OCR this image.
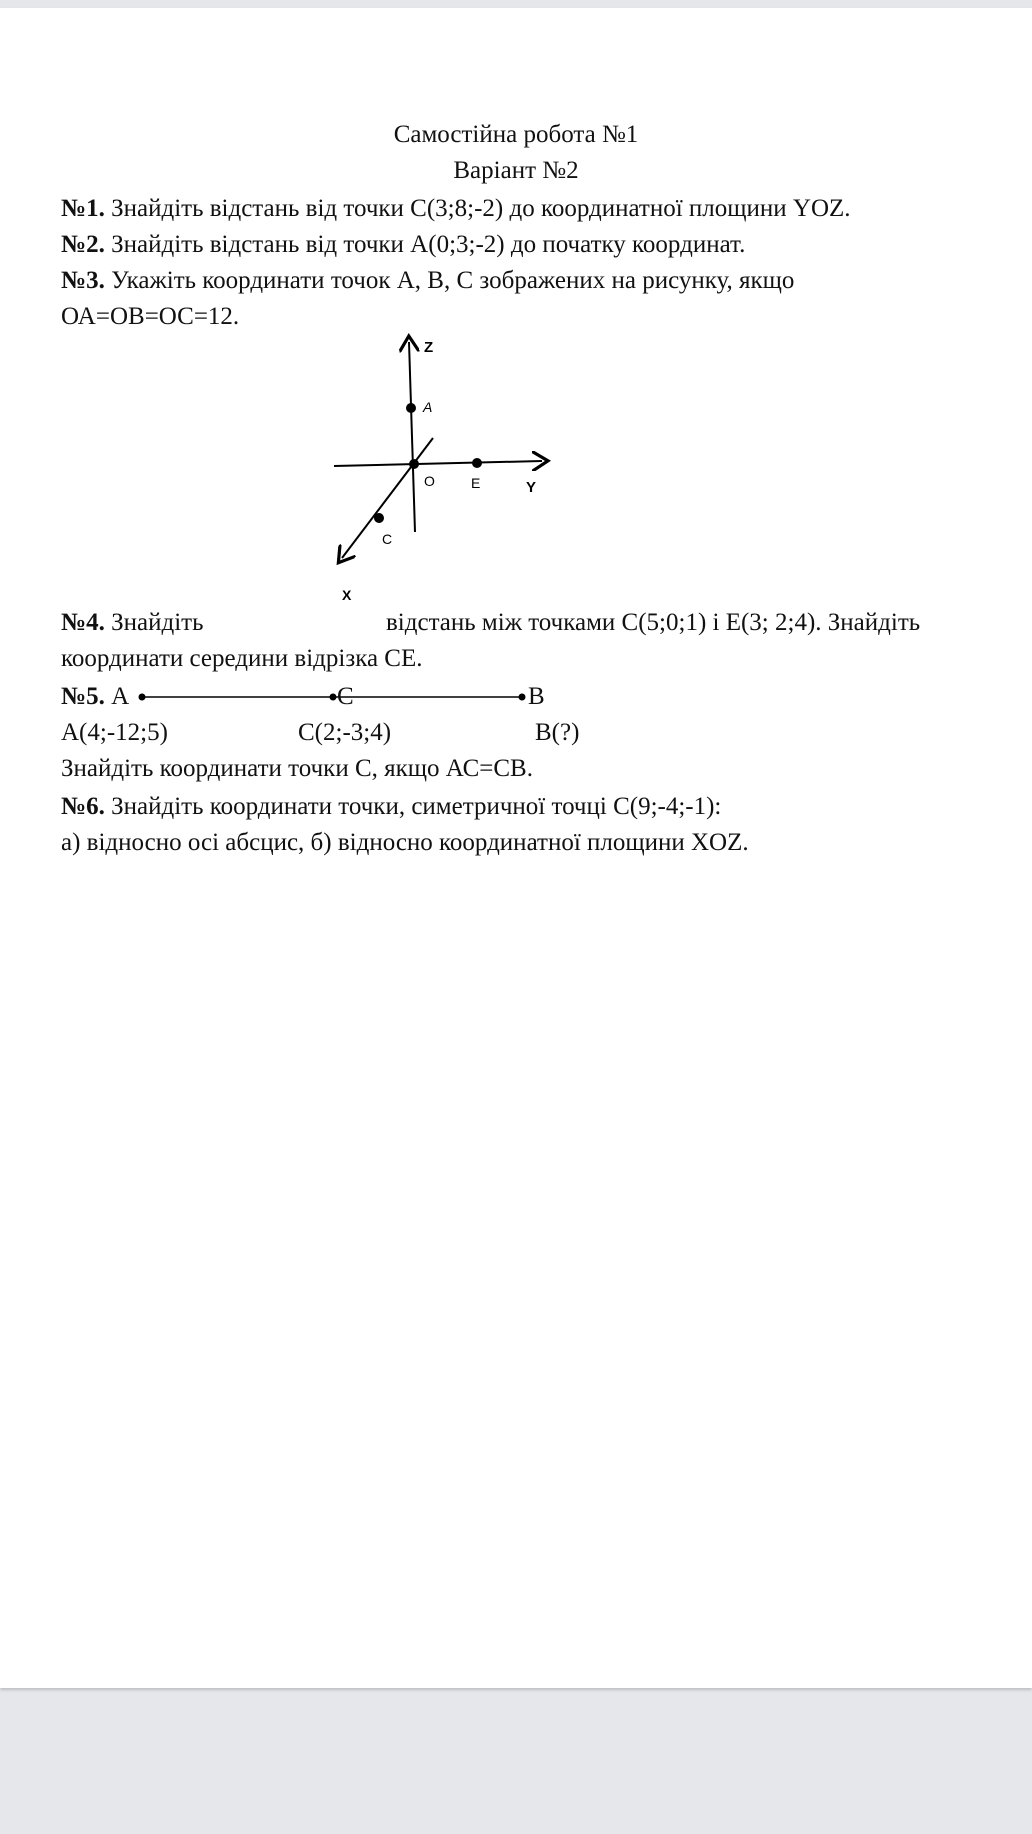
Самостійна робота №1
Варіант №2
№1. Знайдіть відстань від точки С(3;8;-2) до координатної площини YOZ.
№2. Знайдіть відстань від точки А(0;3;-2) до початку координат.
№3. Укажіть координати точок А, В, С зображених на рисунку, якщо
ОА=ОВ=ОС=12.
Z
A
O	E	Y
C
X
№4. Знайдіть	відстань між точками С(5;0;1) і Е(3; 2;4). Знайдіть
координати середини відрізка СЕ.
№5. А	С	В
А(4;-12;5)	С(2;-3;4)	В(?)
Знайдіть координати точки С, якщо АС=СВ.
№6. Знайдіть координати точки, симетричної точці С(9;-4;-1):
а) відносно осі абсцис, б) відносно координатної площини XOZ.
